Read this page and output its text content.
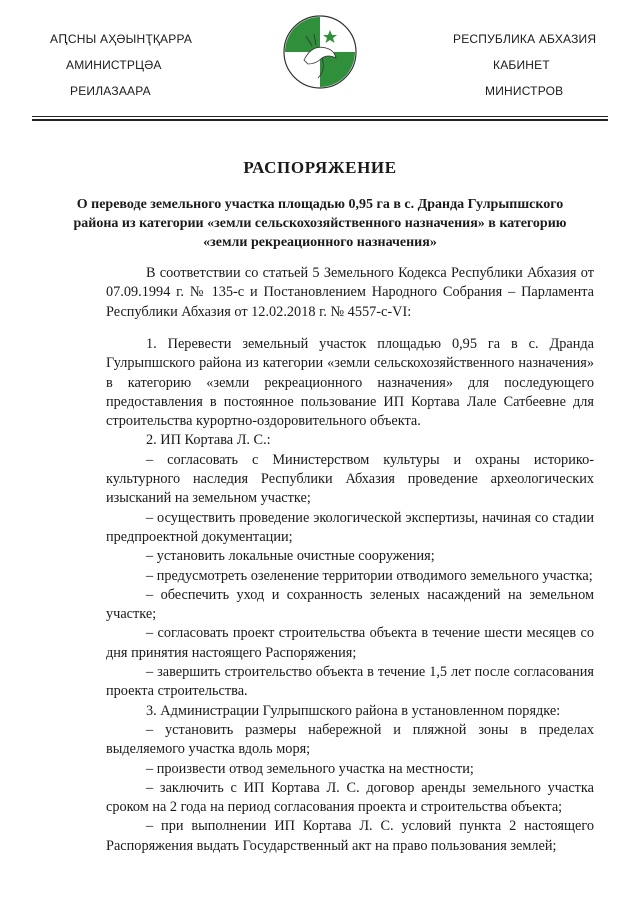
АԤСНЫ АҲӘЫНҬҚАРРА
АМИНИСТРЦӘА
РЕИЛАЗААРА
РЕСПУБЛИКА АБХАЗИЯ
КАБИНЕТ
МИНИСТРОВ
РАСПОРЯЖЕНИЕ
О переводе земельного участка площадью 0,95 га в с. Дранда Гулрыпшского района из категории «земли сельскохозяйственного назначения» в категорию «земли рекреационного назначения»

В соответствии со статьей 5 Земельного Кодекса Республики Абхазия от 07.09.1994 г. № 135-с и Постановлением Народного Собрания – Парламента Республики Абхазия от 12.02.2018 г. № 4557-с-VI:

1. Перевести земельный участок площадью 0,95 га в с. Дранда Гулрыпшского района из категории «земли сельскохозяйственного назначения» в категорию «земли рекреационного назначения» для последующего предоставления в постоянное пользование ИП Кортава Лале Сатбеевне для строительства курортно-оздоровительного объекта.

2. ИП Кортава Л. С.:

– согласовать с Министерством культуры и охраны историко-культурного наследия Республики Абхазия проведение археологических изысканий на земельном участке;

– осуществить проведение экологической экспертизы, начиная со стадии предпроектной документации;

– установить локальные очистные сооружения;

– предусмотреть озеленение территории отводимого земельного участка;

– обеспечить уход и сохранность зеленых насаждений на земельном участке;

– согласовать проект строительства объекта в течение шести месяцев со дня принятия настоящего Распоряжения;

– завершить строительство объекта в течение 1,5 лет после согласования проекта строительства.

3. Администрации Гулрыпшского района в установленном порядке:

– установить размеры набережной и пляжной зоны в пределах выделяемого участка вдоль моря;

– произвести отвод земельного участка на местности;

– заключить с ИП Кортава Л. С. договор аренды земельного участка сроком на 2 года на период согласования проекта и строительства объекта;

– при выполнении ИП Кортава Л. С. условий пункта 2 настоящего Распоряжения выдать Государственный акт на право пользования землей;
